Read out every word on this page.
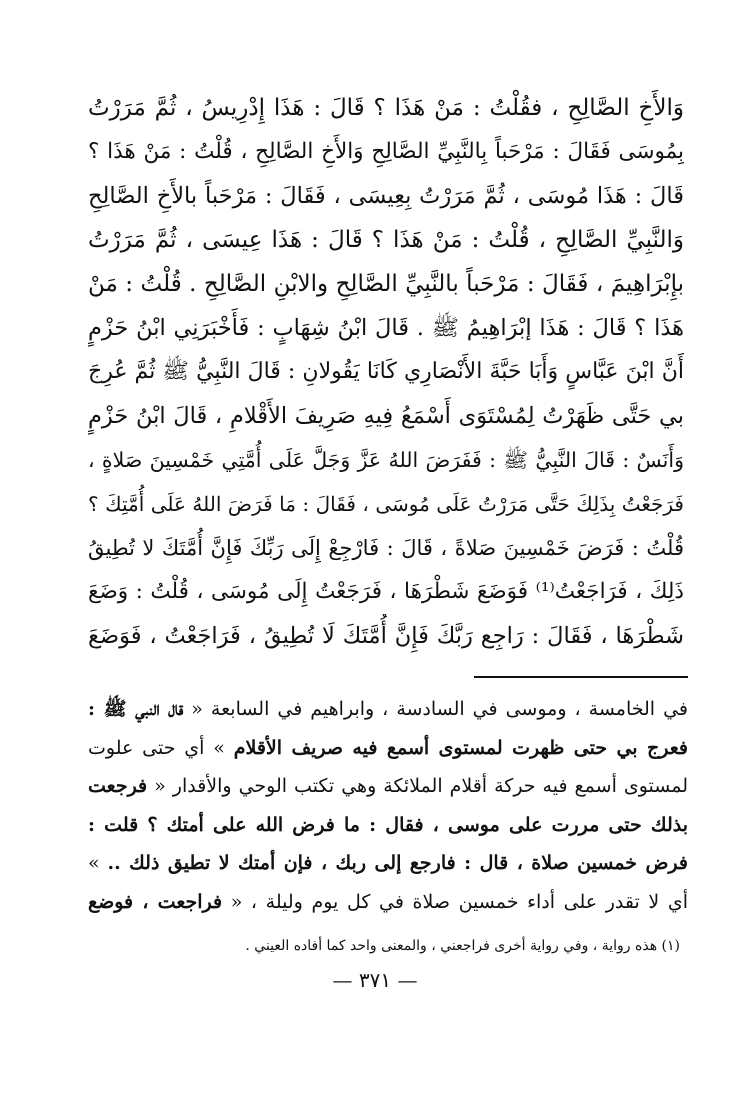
وَالأَخِ الصَّالِحِ ، فقُلْتُ : مَنْ هَذَا ؟ قَالَ : هَذَا إِدْرِيسُ ، ثُمَّ مَرَرْتُ
بِمُوسَى فَقَالَ : مَرْحَباً بِالنَّبِيِّ الصَّالِحِ وَالأَخِ الصَّالِحِ ، قُلْتُ : مَنْ هَذَا ؟
قَالَ : هَذَا مُوسَى ، ثُمَّ مَرَرْتُ بِعِيسَى ، فَقَالَ : مَرْحَباً بالأَخِ الصَّالِحِ
وَالنَّبِيِّ الصَّالِحِ ، قُلْتُ : مَنْ هَذَا ؟ قَالَ : هَذَا عِيسَى ، ثُمَّ مَرَرْتُ
بإِبْرَاهِيمَ ، فَقَالَ : مَرْحَباً بالنَّبِيِّ الصَّالِحِ والابْنِ الصَّالِحِ . قُلْتُ : مَنْ
هَذَا ؟ قَالَ : هَذَا إبْرَاهِيمُ ﷺ . قَالَ ابْنُ شِهَابٍ : فَأَخْبَرَنِي ابْنُ حَزْمٍ
أَنَّ ابْنَ عَبَّاسٍ وَأَبَا حَبَّةَ الأَنْصَارِي كَانَا يَقُولانِ : قَالَ النَّبِيُّ ﷺ ثُمَّ عُرِجَ
بي حَتَّى ظَهَرْتُ لِمُسْتَوَى أَسْمَعُ فِيهِ صَرِيفَ الأَقْلامِ ، قَالَ ابْنُ حَزْمٍ
وَأَنَسٌ : قَالَ النَّبِيُّ ﷺ : فَفَرَضَ اللهُ عَزَّ وَجَلَّ عَلَى أُمَّتِي خَمْسِينَ صَلاةٍ ،
فَرَجَعْتُ بِذَلِكَ حَتَّى مَرَرْتُ عَلَى مُوسَى ، فَقَالَ : مَا فَرَضَ اللهُ عَلَى أُمَّتِكَ ؟
قُلْتُ : فَرَضَ خَمْسِينَ صَلاةً ، قَالَ : فَارْجِعْ إِلَى رَبِّكَ فَإِنَّ أُمَّتَكَ لا تُطِيقُ
ذَلِكَ ، فَرَاجَعْتُ⁽¹⁾ فَوَضَعَ شَطْرَهَا ، فَرَجَعْتُ إِلَى مُوسَى ، قُلْتُ : وَضَعَ
شَطْرَهَا ، فَقَالَ : رَاجِع رَبَّكَ فَإِنَّ أُمَّتَكَ لَا تُطِيقُ ، فَرَاجَعْتُ ، فَوَضَعَ
في الخامسة ، وموسى في السادسة ، وابراهيم في السابعة « قال النبي ﷺ :
فعرج بي حتى ظهرت لمستوى أسمع فيه صريف الأقلام » أي حتى علوت
لمستوى أسمع فيه حركة أقلام الملائكة وهي تكتب الوحي والأقدار « فرجعت
بذلك حتى مررت على موسى ، فقال : ما فرض الله على أمتك ؟ قلت :
فرض خمسين صلاة ، قال : فارجع إلى ربك ، فإن أمتك لا تطيق ذلك .. »
أي لا تقدر على أداء خمسين صلاة في كل يوم وليلة ، « فراجعت ، فوضع
(١) هذه رواية ، وفي رواية أخرى فراجعني ، والمعنى واحد كما أفاده العيني .
— ٣٧١ —
